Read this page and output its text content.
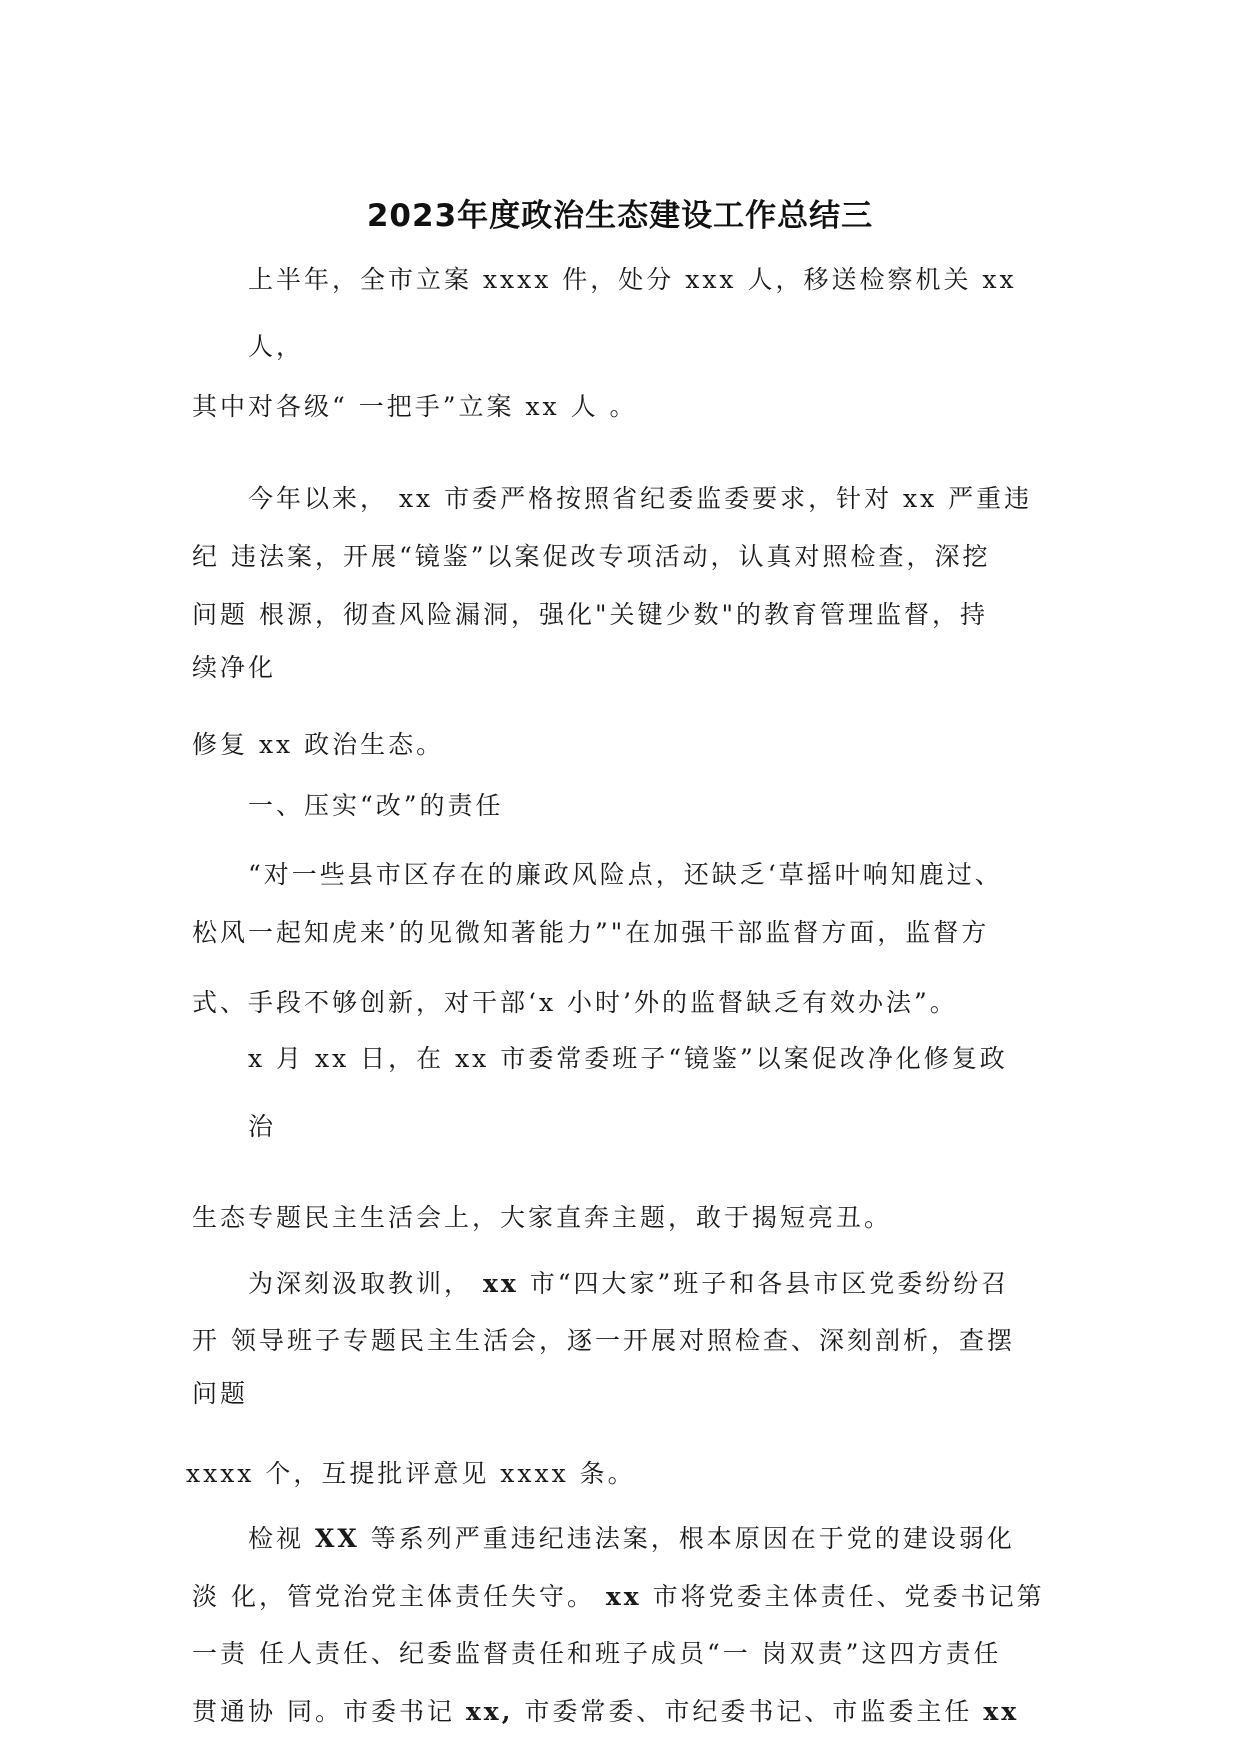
2023年度政治生态建设工作总结三

上半年，全市立案 xxxx 件，处分 xxx 人，移送检察机关 xx

人，

其中对各级“ 一把手”立案 xx 人 。

今年以来， xx 市委严格按照省纪委监委要求，针对 xx 严重违

纪 违法案，开展“镜鉴”以案促改专项活动，认真对照检查，深挖

问题 根源，彻查风险漏洞，强化"关键少数"的教育管理监督，持

续净化

修复 xx 政治生态。

一、压实“改”的责任

“对一些县市区存在的廉政风险点，还缺乏‘草摇叶响知鹿过、

松风一起知虎来’的见微知著能力”"在加强干部监督方面，监督方

式、手段不够创新，对干部‘x 小时’外的监督缺乏有效办法”。

x 月 xx 日，在 xx 市委常委班子“镜鉴”以案促改净化修复政

治

生态专题民主生活会上，大家直奔主题，敢于揭短亮丑。

为深刻汲取教训， xx 市“四大家”班子和各县市区党委纷纷召

开 领导班子专题民主生活会，逐一开展对照检查、深刻剖析，查摆

问题

xxxx 个，互提批评意见 xxxx 条。

检视 XX 等系列严重违纪违法案，根本原因在于党的建设弱化

淡 化，管党治党主体责任失守。 xx 市将党委主体责任、党委书记第

一责 任人责任、纪委监督责任和班子成员“一 岗双责”这四方责任

贯通协 同。市委书记 xx, 市委常委、市纪委书记、市监委主任 xx
